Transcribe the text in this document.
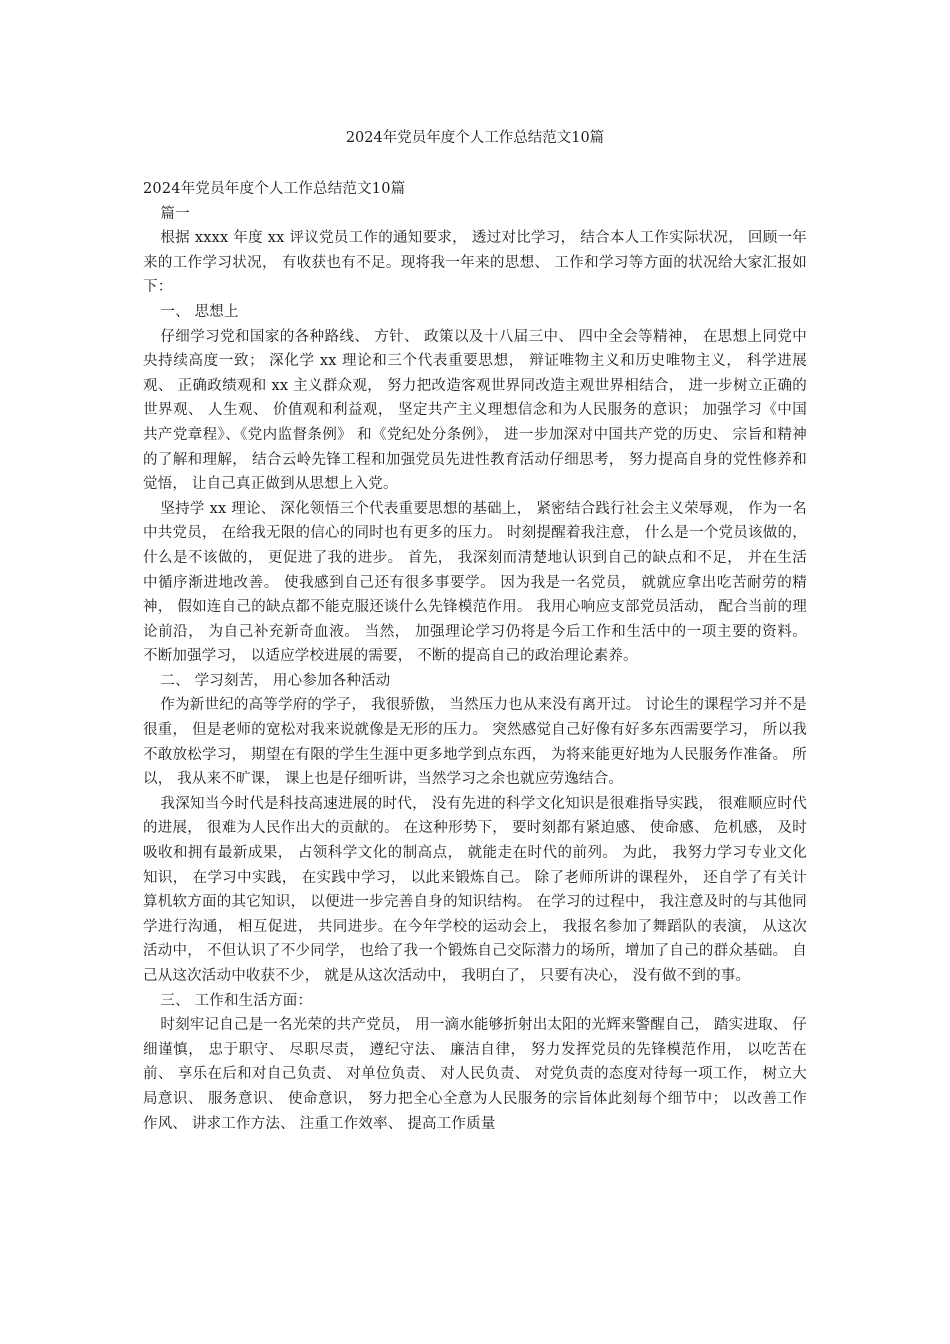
2024年党员年度个人工作总结范文10篇

2024年党员年度个人工作总结范文10篇

篇一

根据 xxxx 年度 xx 评议党员工作的通知要求， 透过对比学习， 结合本人工作实际状况， 回顾一年来的工作学习状况， 有收获也有不足。现将我一年来的思想、 工作和学习等方面的状况给大家汇报如下：

一、 思想上

仔细学习党和国家的各种路线、 方针、 政策以及十八届三中、 四中全会等精神， 在思想上同党中央持续高度一致； 深化学 xx 理论和三个代表重要思想， 辩证唯物主义和历史唯物主义， 科学进展观、 正确政绩观和 xx 主义群众观， 努力把改造客观世界同改造主观世界相结合， 进一步树立正确的世界观、 人生观、 价值观和利益观， 坚定共产主义理想信念和为人民服务的意识； 加强学习《中国共产党章程》、《党内监督条例》 和《党纪处分条例》， 进一步加深对中国共产党的历史、 宗旨和精神的了解和理解， 结合云岭先锋工程和加强党员先进性教育活动仔细思考， 努力提高自身的党性修养和觉悟， 让自己真正做到从思想上入党。

坚持学 xx 理论、 深化领悟三个代表重要思想的基础上， 紧密结合践行社会主义荣辱观， 作为一名中共党员， 在给我无限的信心的同时也有更多的压力。 时刻提醒着我注意， 什么是一个党员该做的， 什么是不该做的， 更促进了我的进步。 首先， 我深刻而清楚地认识到自己的缺点和不足， 并在生活中循序渐进地改善。 使我感到自己还有很多事要学。 因为我是一名党员， 就就应拿出吃苦耐劳的精神， 假如连自己的缺点都不能克服还谈什么先锋模范作用。 我用心响应支部党员活动， 配合当前的理论前沿， 为自己补充新奇血液。 当然， 加强理论学习仍将是今后工作和生活中的一项主要的资料。 不断加强学习， 以适应学校进展的需要， 不断的提高自己的政治理论素养。

二、 学习刻苦， 用心参加各种活动

作为新世纪的高等学府的学子， 我很骄傲， 当然压力也从来没有离开过。 讨论生的课程学习并不是很重， 但是老师的宽松对我来说就像是无形的压力。 突然感觉自己好像有好多东西需要学习， 所以我不敢放松学习， 期望在有限的学生生涯中更多地学到点东西， 为将来能更好地为人民服务作准备。 所以， 我从来不旷课， 课上也是仔细听讲，当然学习之余也就应劳逸结合。

我深知当今时代是科技高速进展的时代， 没有先进的科学文化知识是很难指导实践， 很难顺应时代的进展， 很难为人民作出大的贡献的。 在这种形势下， 要时刻都有紧迫感、 使命感、 危机感， 及时吸收和拥有最新成果， 占领科学文化的制高点， 就能走在时代的前列。 为此， 我努力学习专业文化知识， 在学习中实践， 在实践中学习， 以此来锻炼自己。 除了老师所讲的课程外， 还自学了有关计算机软方面的其它知识， 以便进一步完善自身的知识结构。 在学习的过程中， 我注意及时的与其他同学进行沟通， 相互促进， 共同进步。在今年学校的运动会上， 我报名参加了舞蹈队的表演， 从这次活动中， 不但认识了不少同学， 也给了我一个锻炼自己交际潜力的场所，增加了自己的群众基础。 自己从这次活动中收获不少， 就是从这次活动中， 我明白了， 只要有决心， 没有做不到的事。

三、 工作和生活方面：

时刻牢记自己是一名光荣的共产党员， 用一滴水能够折射出太阳的光辉来警醒自己， 踏实进取、 仔细谨慎， 忠于职守、 尽职尽责， 遵纪守法、 廉洁自律， 努力发挥党员的先锋模范作用， 以吃苦在前、 享乐在后和对自己负责、 对单位负责、 对人民负责、 对党负责的态度对待每一项工作， 树立大局意识、 服务意识、 使命意识， 努力把全心全意为人民服务的宗旨体此刻每个细节中； 以改善工作作风、 讲求工作方法、 注重工作效率、 提高工作质量
